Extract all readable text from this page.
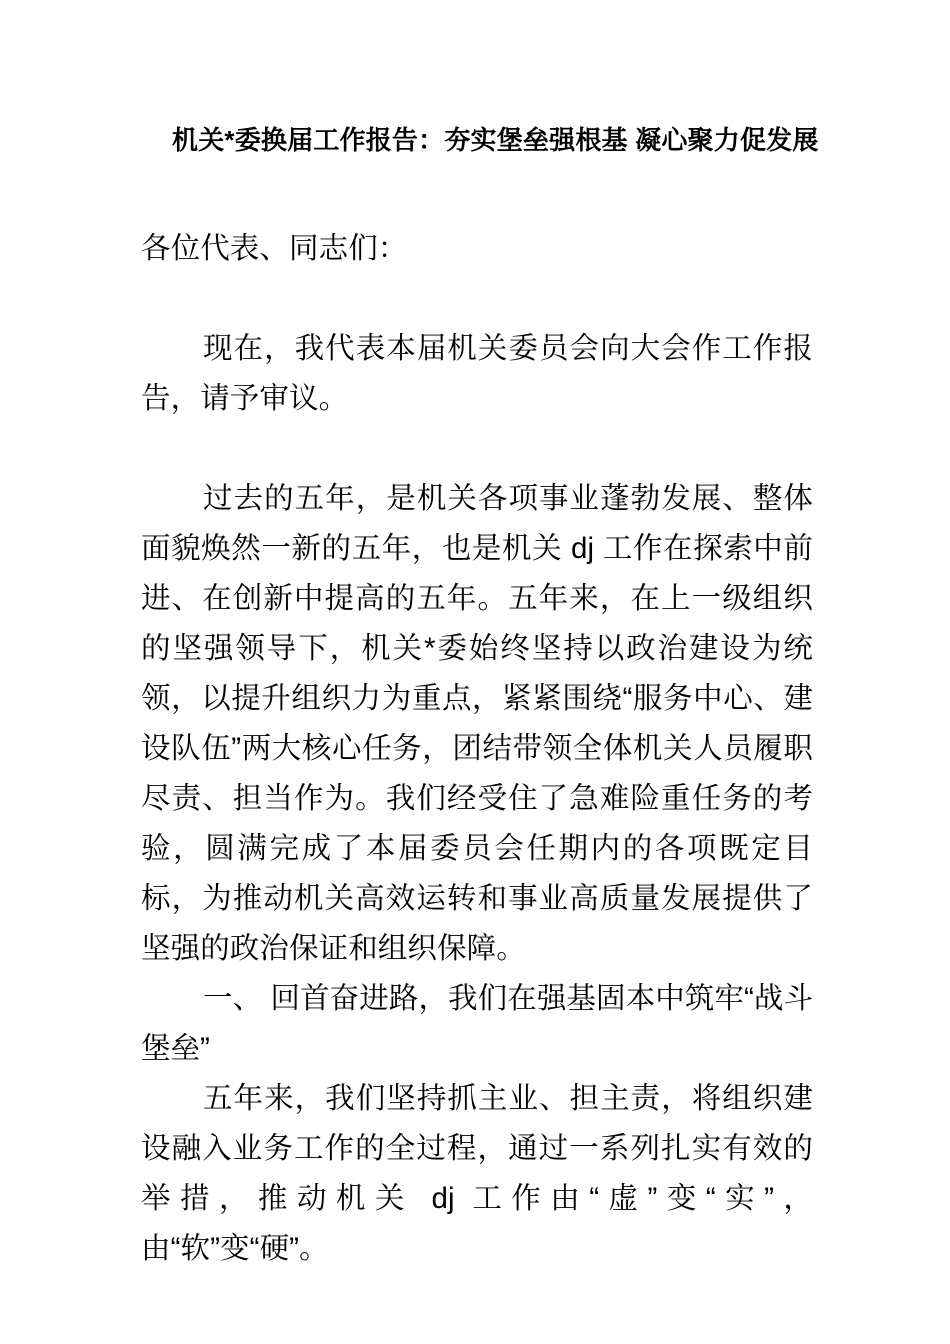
机关*委换届工作报告：夯实堡垒强根基 凝心聚力促发展

各位代表、同志们：

现在，我代表本届机关委员会向大会作工作报告，请予审议。

过去的五年，是机关各项事业蓬勃发展、整体面貌焕然一新的五年，也是机关 dj 工作在探索中前进、在创新中提高的五年。五年来，在上一级组织的坚强领导下，机关*委始终坚持以政治建设为统领，以提升组织力为重点，紧紧围绕“服务中心、建设队伍”两大核心任务，团结带领全体机关人员履职尽责、担当作为。我们经受住了急难险重任务的考验，圆满完成了本届委员会任期内的各项既定目标，为推动机关高效运转和事业高质量发展提供了坚强的政治保证和组织保障。

一、 回首奋进路，我们在强基固本中筑牢“战斗堡垒”

五年来，我们坚持抓主业、担主责，将组织建设融入业务工作的全过程，通过一系列扎实有效的举措，推动机关 dj 工作由“虚”变“实”，由“软”变“硬”。
